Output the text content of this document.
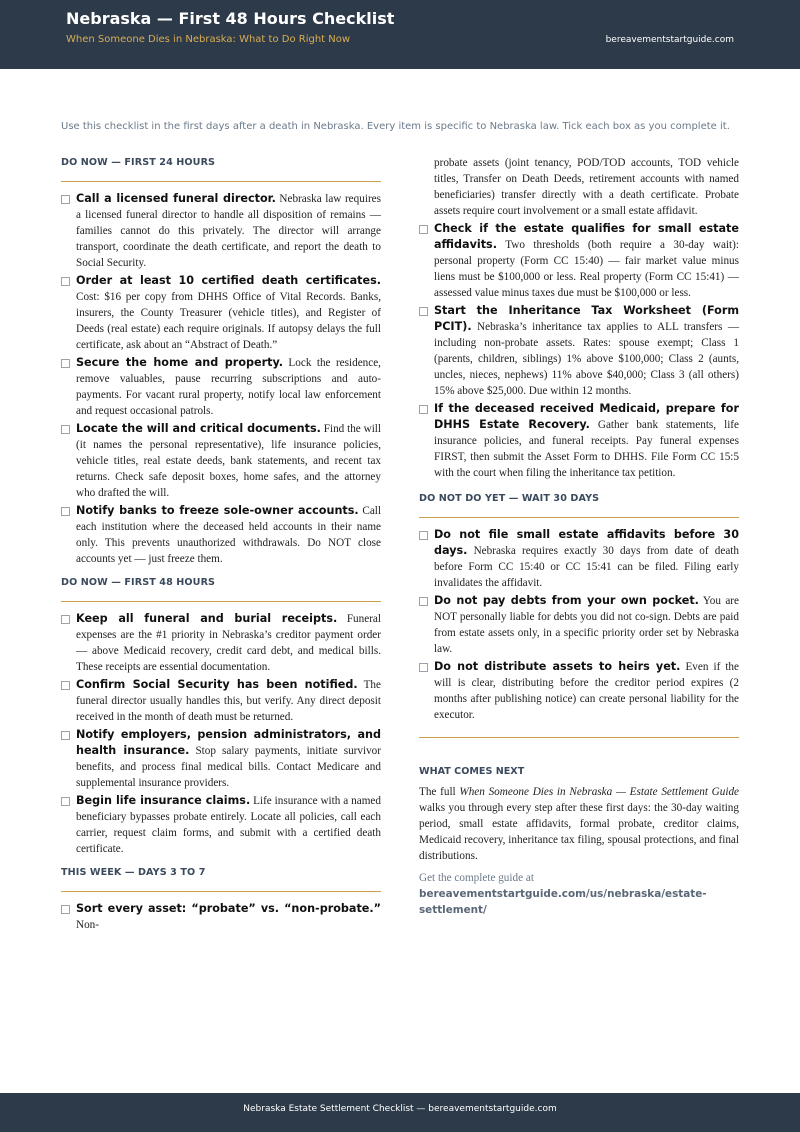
Nebraska — First 48 Hours Checklist
When Someone Dies in Nebraska: What to Do Right Now	bereavementstartguide.com
Use this checklist in the first days after a death in Nebraska. Every item is specific to Nebraska law. Tick each box as you complete it.
DO NOW — FIRST 24 HOURS
Call a licensed funeral director. Nebraska law requires a licensed funeral director to handle all disposition of remains — families cannot do this privately. The director will arrange transport, coordinate the death certificate, and report the death to Social Security.
Order at least 10 certified death certificates. Cost: $16 per copy from DHHS Office of Vital Records. Banks, insurers, the County Treasurer (vehicle titles), and Register of Deeds (real estate) each require originals. If autopsy delays the full certificate, ask about an “Abstract of Death.”
Secure the home and property. Lock the residence, remove valuables, pause recurring subscriptions and auto-payments. For vacant rural property, notify local law enforcement and request occasional patrols.
Locate the will and critical documents. Find the will (it names the personal representative), life insurance policies, vehicle titles, real estate deeds, bank statements, and recent tax returns. Check safe deposit boxes, home safes, and the attorney who drafted the will.
Notify banks to freeze sole-owner accounts. Call each institution where the deceased held accounts in their name only. This prevents unauthorized withdrawals. Do NOT close accounts yet — just freeze them.
DO NOW — FIRST 48 HOURS
Keep all funeral and burial receipts. Funeral expenses are the #1 priority in Nebraska’s creditor payment order — above Medicaid recovery, credit card debt, and medical bills. These receipts are essential documentation.
Confirm Social Security has been notified. The funeral director usually handles this, but verify. Any direct deposit received in the month of death must be returned.
Notify employers, pension administrators, and health insurance. Stop salary payments, initiate survivor benefits, and process final medical bills. Contact Medicare and supplemental insurance providers.
Begin life insurance claims. Life insurance with a named beneficiary bypasses probate entirely. Locate all policies, call each carrier, request claim forms, and submit with a certified death certificate.
THIS WEEK — DAYS 3 TO 7
Sort every asset: “probate” vs. “non-probate.” Non-
probate assets (joint tenancy, POD/TOD accounts, TOD vehicle titles, Transfer on Death Deeds, retirement accounts with named beneficiaries) transfer directly with a death certificate. Probate assets require court involvement or a small estate affidavit.
Check if the estate qualifies for small estate affidavits. Two thresholds (both require a 30-day wait): personal property (Form CC 15:40) — fair market value minus liens must be $100,000 or less. Real property (Form CC 15:41) — assessed value minus taxes due must be $100,000 or less.
Start the Inheritance Tax Worksheet (Form PCIT). Nebraska’s inheritance tax applies to ALL transfers — including non-probate assets. Rates: spouse exempt; Class 1 (parents, children, siblings) 1% above $100,000; Class 2 (aunts, uncles, nieces, nephews) 11% above $40,000; Class 3 (all others) 15% above $25,000. Due within 12 months.
If the deceased received Medicaid, prepare for DHHS Estate Recovery. Gather bank statements, life insurance policies, and funeral receipts. Pay funeral expenses FIRST, then submit the Asset Form to DHHS. File Form CC 15:5 with the court when filing the inheritance tax petition.
DO NOT DO YET — WAIT 30 DAYS
Do not file small estate affidavits before 30 days. Nebraska requires exactly 30 days from date of death before Form CC 15:40 or CC 15:41 can be filed. Filing early invalidates the affidavit.
Do not pay debts from your own pocket. You are NOT personally liable for debts you did not co-sign. Debts are paid from estate assets only, in a specific priority order set by Nebraska law.
Do not distribute assets to heirs yet. Even if the will is clear, distributing before the creditor period expires (2 months after publishing notice) can create personal liability for the executor.
WHAT COMES NEXT
The full When Someone Dies in Nebraska — Estate Settlement Guide walks you through every step after these first days: the 30-day waiting period, small estate affidavits, formal probate, creditor claims, Medicaid recovery, inheritance tax filing, spousal protections, and final distributions.
Get the complete guide at
bereavementstartguide.com/us/nebraska/estate-settlement/
Nebraska Estate Settlement Checklist — bereavementstartguide.com
